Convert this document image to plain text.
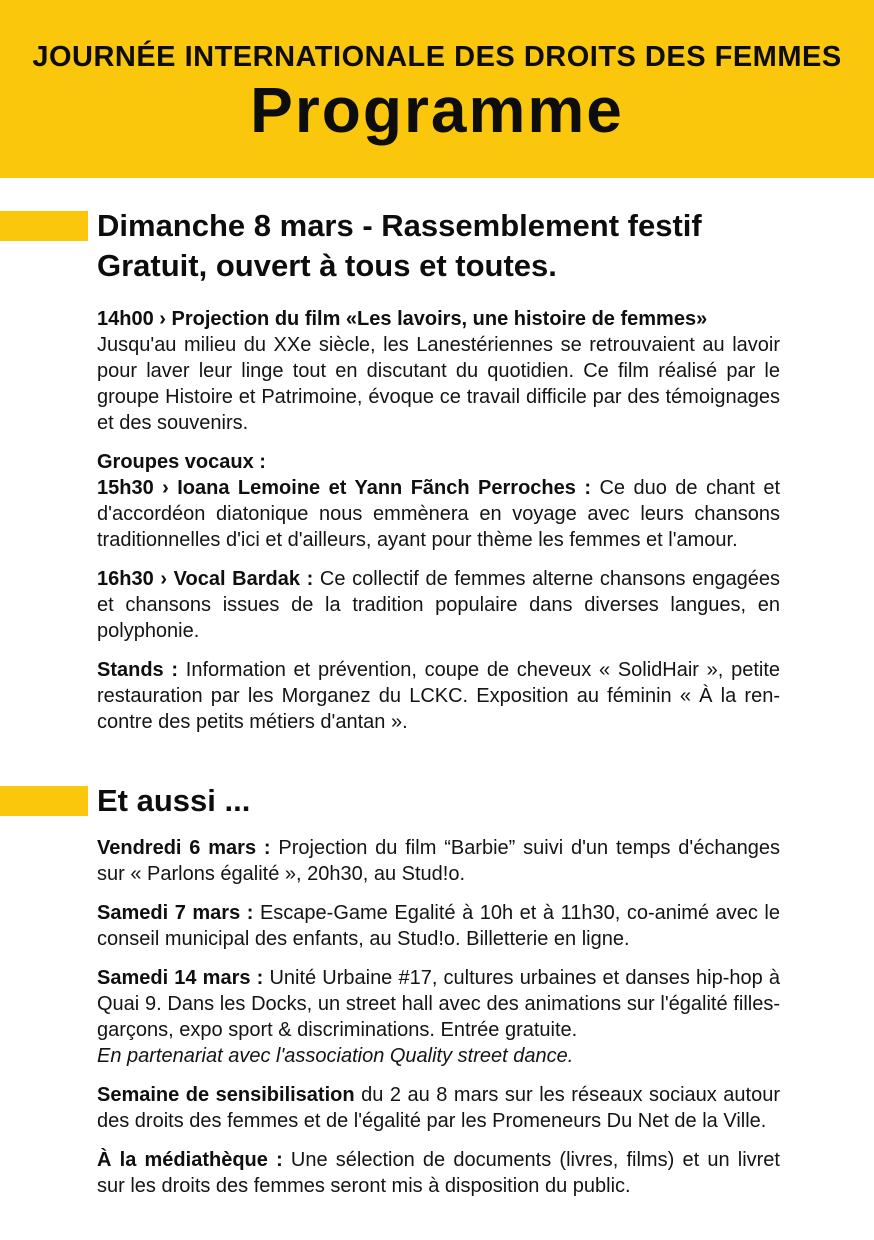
JOURNÉE INTERNATIONALE DES DROITS DES FEMMES
Programme
Dimanche 8 mars - Rassemblement festif
Gratuit, ouvert à tous et toutes.

14h00 › Projection du film «Les lavoirs, une histoire de femmes»
Jusqu'au milieu du XXe siècle, les Lanestériennes se retrouvaient au lavoir pour laver leur linge tout en discutant du quotidien. Ce film réalisé par le groupe Histoire et Patrimoine, évoque ce travail difficile par des témoignages et des souvenirs.

Groupes vocaux :
15h30 › Ioana Lemoine et Yann Fãnch Perroches : Ce duo de chant et d'accordéon diatonique nous emmènera en voyage avec leurs chansons traditionnelles d'ici et d'ailleurs, ayant pour thème les femmes et l'amour.

16h30 › Vocal Bardak : Ce collectif de femmes alterne chansons engagées et chansons issues de la tradition populaire dans diverses langues, en polyphonie.

Stands : Information et prévention, coupe de cheveux « SolidHair », petite restauration par les Morganez du LCKC. Exposition au féminin « À la rencontre des petits métiers d'antan ».

Et aussi ...

Vendredi 6 mars : Projection du film “Barbie” suivi d'un temps d'échanges sur « Parlons égalité », 20h30, au Stud!o.

Samedi 7 mars : Escape-Game Egalité à 10h et à 11h30, co-animé avec le conseil municipal des enfants, au Stud!o. Billetterie en ligne.

Samedi 14 mars : Unité Urbaine #17, cultures urbaines et danses hip-hop à Quai 9. Dans les Docks, un street hall avec des animations sur l'égalité filles-garçons, expo sport & discriminations. Entrée gratuite.
En partenariat avec l'association Quality street dance.

Semaine de sensibilisation du 2 au 8 mars sur les réseaux sociaux autour des droits des femmes et de l'égalité par les Promeneurs Du Net de la Ville.

À la médiathèque : Une sélection de documents (livres, films) et un livret sur les droits des femmes seront mis à disposition du public.
